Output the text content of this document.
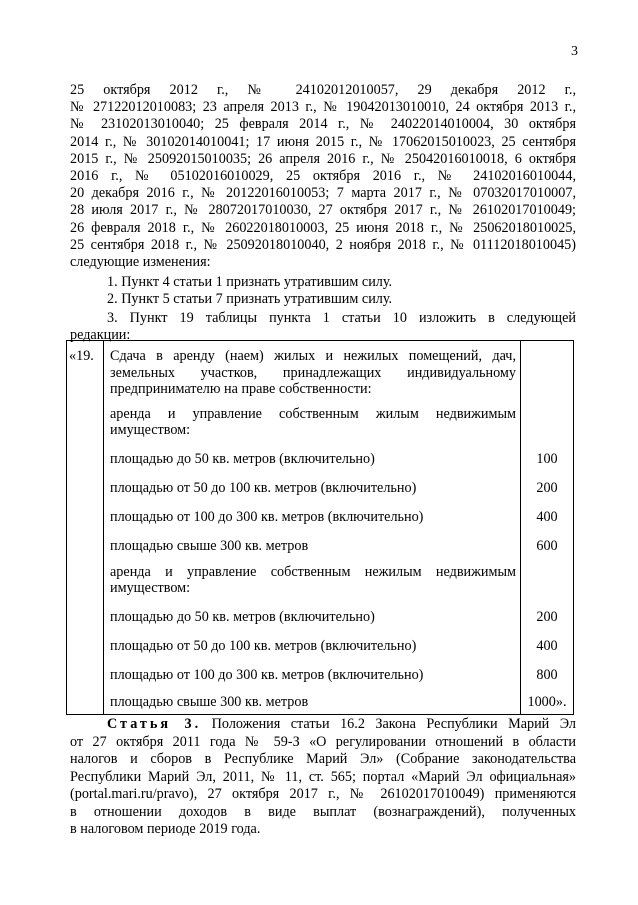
3
25 октября 2012 г., № 24102012010057, 29 декабря 2012 г.,
№ 27122012010083; 23 апреля 2013 г., № 19042013010010, 24 октября 2013 г.,
№ 23102013010040; 25 февраля 2014 г., № 24022014010004, 30 октября
2014 г., № 30102014010041; 17 июня 2015 г., № 17062015010023, 25 сентября
2015 г., № 25092015010035; 26 апреля 2016 г., № 25042016010018, 6 октября
2016 г., № 05102016010029, 25 октября 2016 г., № 24102016010044,
20 декабря 2016 г., № 20122016010053; 7 марта 2017 г., № 07032017010007,
28 июля 2017 г., № 28072017010030, 27 октября 2017 г., № 26102017010049;
26 февраля 2018 г., № 26022018010003, 25 июня 2018 г., № 25062018010025,
25 сентября 2018 г., № 25092018010040, 2 ноября 2018 г., № 01112018010045)
следующие изменения:
1. Пункт 4 статьи 1 признать утратившим силу.
2. Пункт 5 статьи 7 признать утратившим силу.
3. Пункт 19 таблицы пункта 1 статьи 10 изложить в следующей
редакции:
«19.	Сдача в аренду (наем) жилых и нежилых помещений, дач,
земельных участков, принадлежащих индивидуальному
предпринимателю на праве собственности:	

	аренда и управление собственным жилым недвижимым
имуществом:	

	площадью до 50 кв. метров (включительно)	100
	площадью от 50 до 100 кв. метров (включительно)	200
	площадью от 100 до 300 кв. метров (включительно)	400
	площадью свыше 300 кв. метров	600

	аренда и управление собственным нежилым недвижимым
имуществом:	

	площадью до 50 кв. метров (включительно)	200
	площадью от 50 до 100 кв. метров (включительно)	400
	площадью от 100 до 300 кв. метров (включительно)	800
	площадью свыше 300 кв. метров	1000».
Статья 3. Положения статьи 16.2 Закона Республики Марий Эл
от 27 октября 2011 года № 59-З «О регулировании отношений в области
налогов и сборов в Республике Марий Эл» (Собрание законодательства
Республики Марий Эл, 2011, № 11, ст. 565; портал «Марий Эл официальная»
(portal.mari.ru/pravo), 27 октября 2017 г., № 26102017010049) применяются
в отношении доходов в виде выплат (вознаграждений), полученных
в налоговом периоде 2019 года.
